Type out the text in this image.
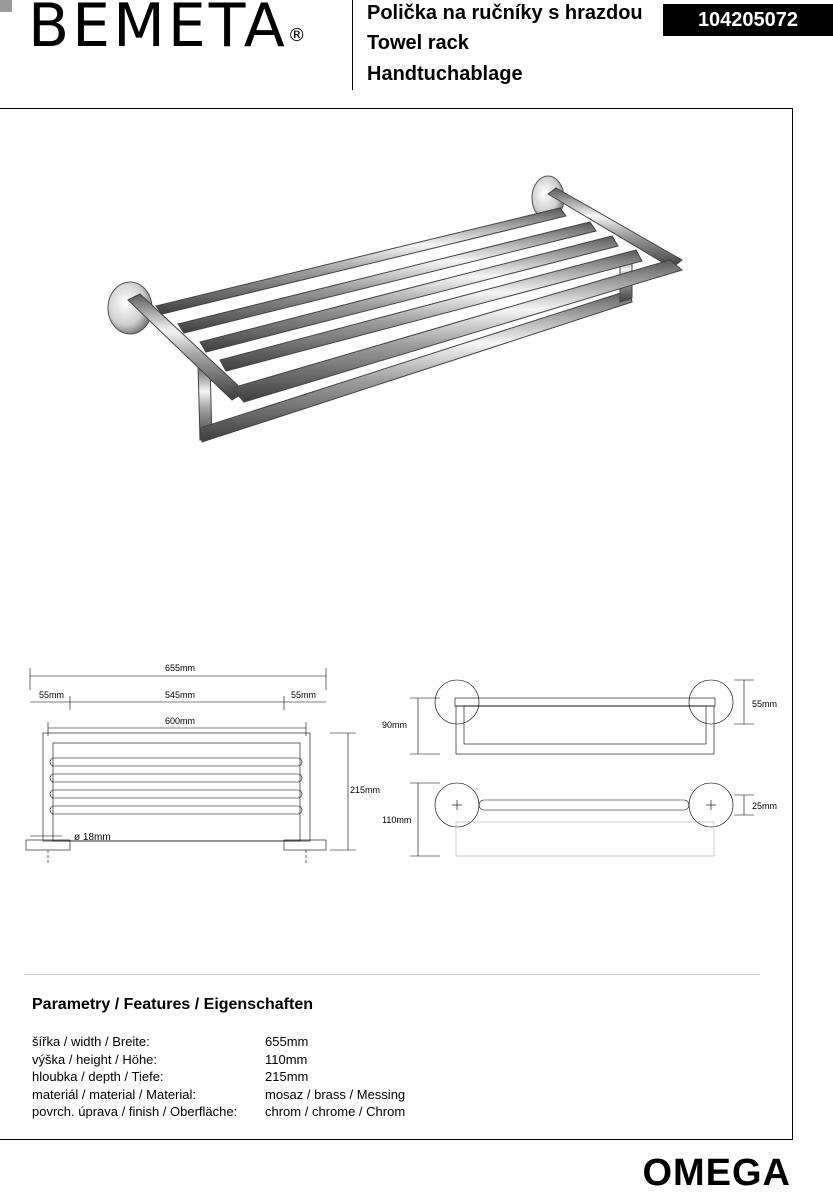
BEMETA®
Polička na ručníky s hrazdou
Towel rack
Handtuchablage
104205072
655mm
55mm	545mm	55mm
600mm
215mm
ø 18mm
55mm
90mm
110mm
25mm
Parametry / Features / Eigenschaften
šířka / width / Breite:
výška / height / Höhe:
hloubka / depth / Tiefe:
materiál / material / Material:
povrch. úprava / finish / Oberfläche:
655mm
110mm
215mm
mosaz / brass / Messing
chrom / chrome / Chrom
OMEGA
